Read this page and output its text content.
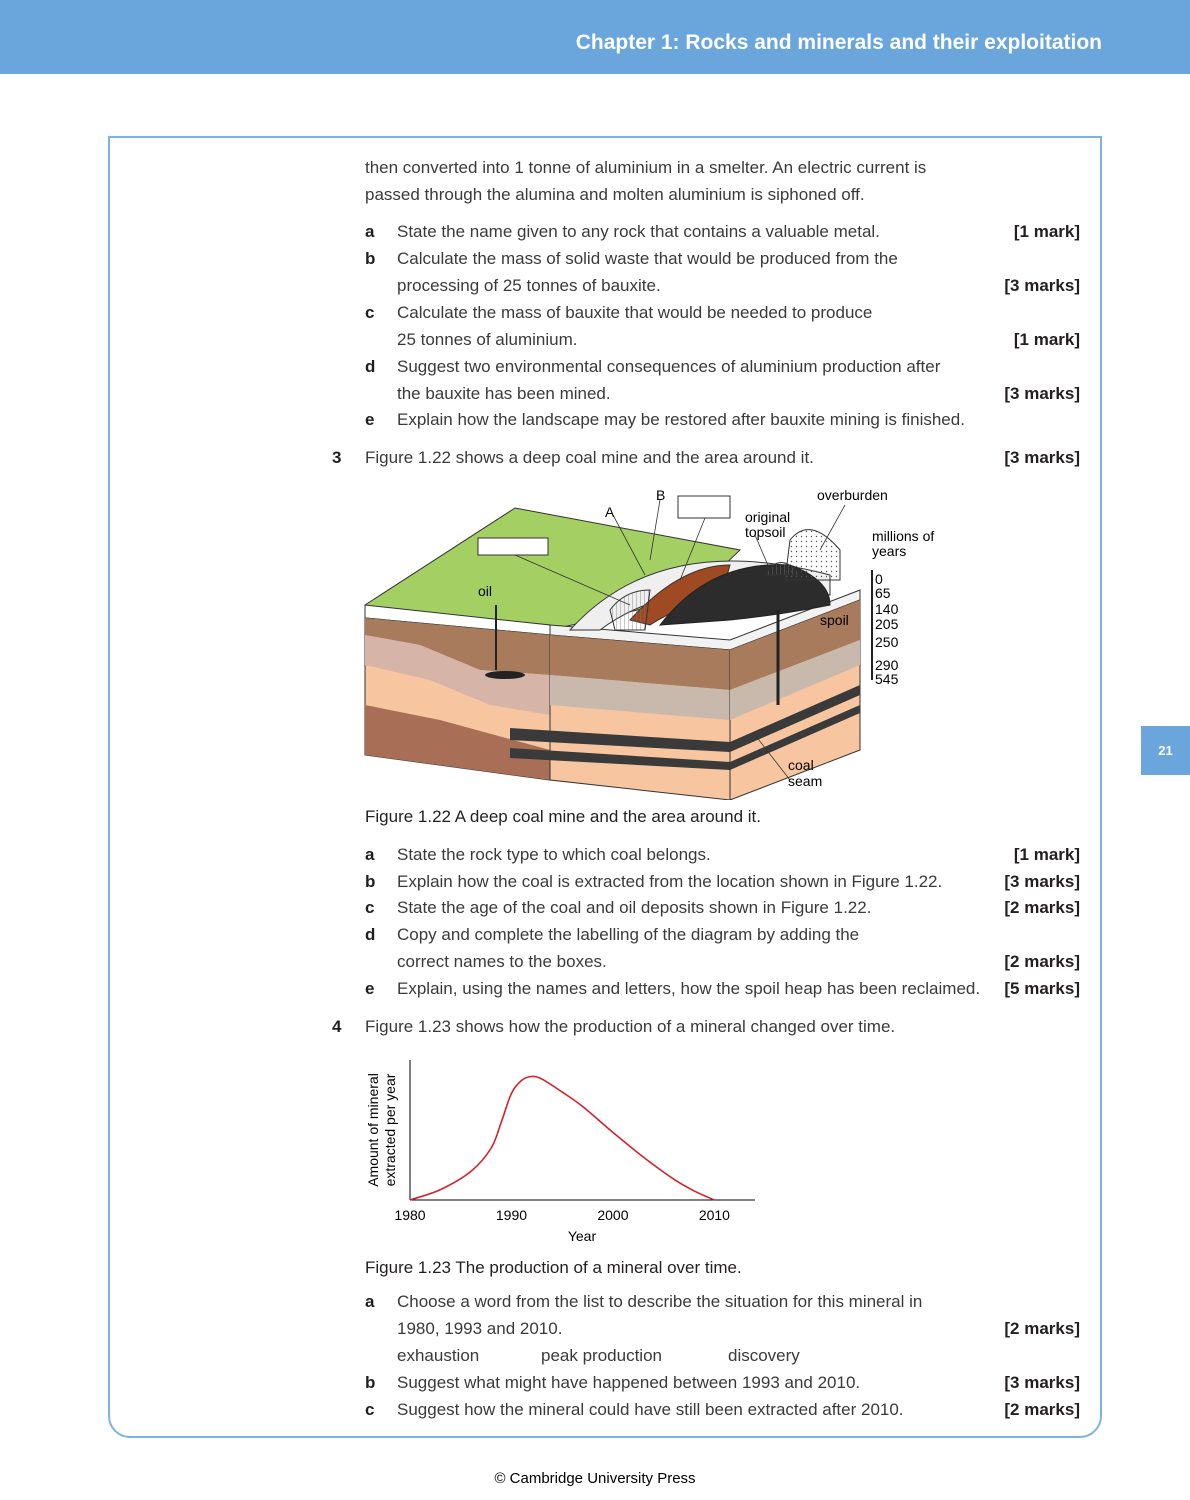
Chapter 1: Rocks and minerals and their exploitation
21
then converted into 1 tonne of aluminium in a smelter. An electric current is
passed through the alumina and molten aluminium is siphoned off.
a State the name given to any rock that contains a valuable metal.	[1 mark]
b Calculate the mass of solid waste that would be produced from the
processing of 25 tonnes of bauxite.	[3 marks]
c Calculate the mass of bauxite that would be needed to produce
25 tonnes of aluminium.	[1 mark]
d Suggest two environmental consequences of aluminium production after
the bauxite has been mined.	[3 marks]
e Explain how the landscape may be restored after bauxite mining is finished.
3 Figure 1.22 shows a deep coal mine and the area around it.	[3 marks]
B
A
overburden
original
topsoil	millions of
years
oil
spoil
coal
seam
0
65
140
205
250
290
545
Figure 1.22 A deep coal mine and the area around it.
a State the rock type to which coal belongs.	[1 mark]
b Explain how the coal is extracted from the location shown in Figure 1.22.	[3 marks]
c State the age of the coal and oil deposits shown in Figure 1.22.	[2 marks]
d Copy and complete the labelling of the diagram by adding the
correct names to the boxes.	[2 marks]
e Explain, using the names and letters, how the spoil heap has been reclaimed. [5 marks]
4 Figure 1.23 shows how the production of a mineral changed over time.
Amount of mineral extracted per year
Year
1980	1990	2000	2010
Figure 1.23 The production of a mineral over time.
a Choose a word from the list to describe the situation for this mineral in
1980, 1993 and 2010.	[2 marks]
exhaustion	peak production	discovery
b Suggest what might have happened between 1993 and 2010.	[3 marks]
c Suggest how the mineral could have still been extracted after 2010.	[2 marks]
© Cambridge University Press
